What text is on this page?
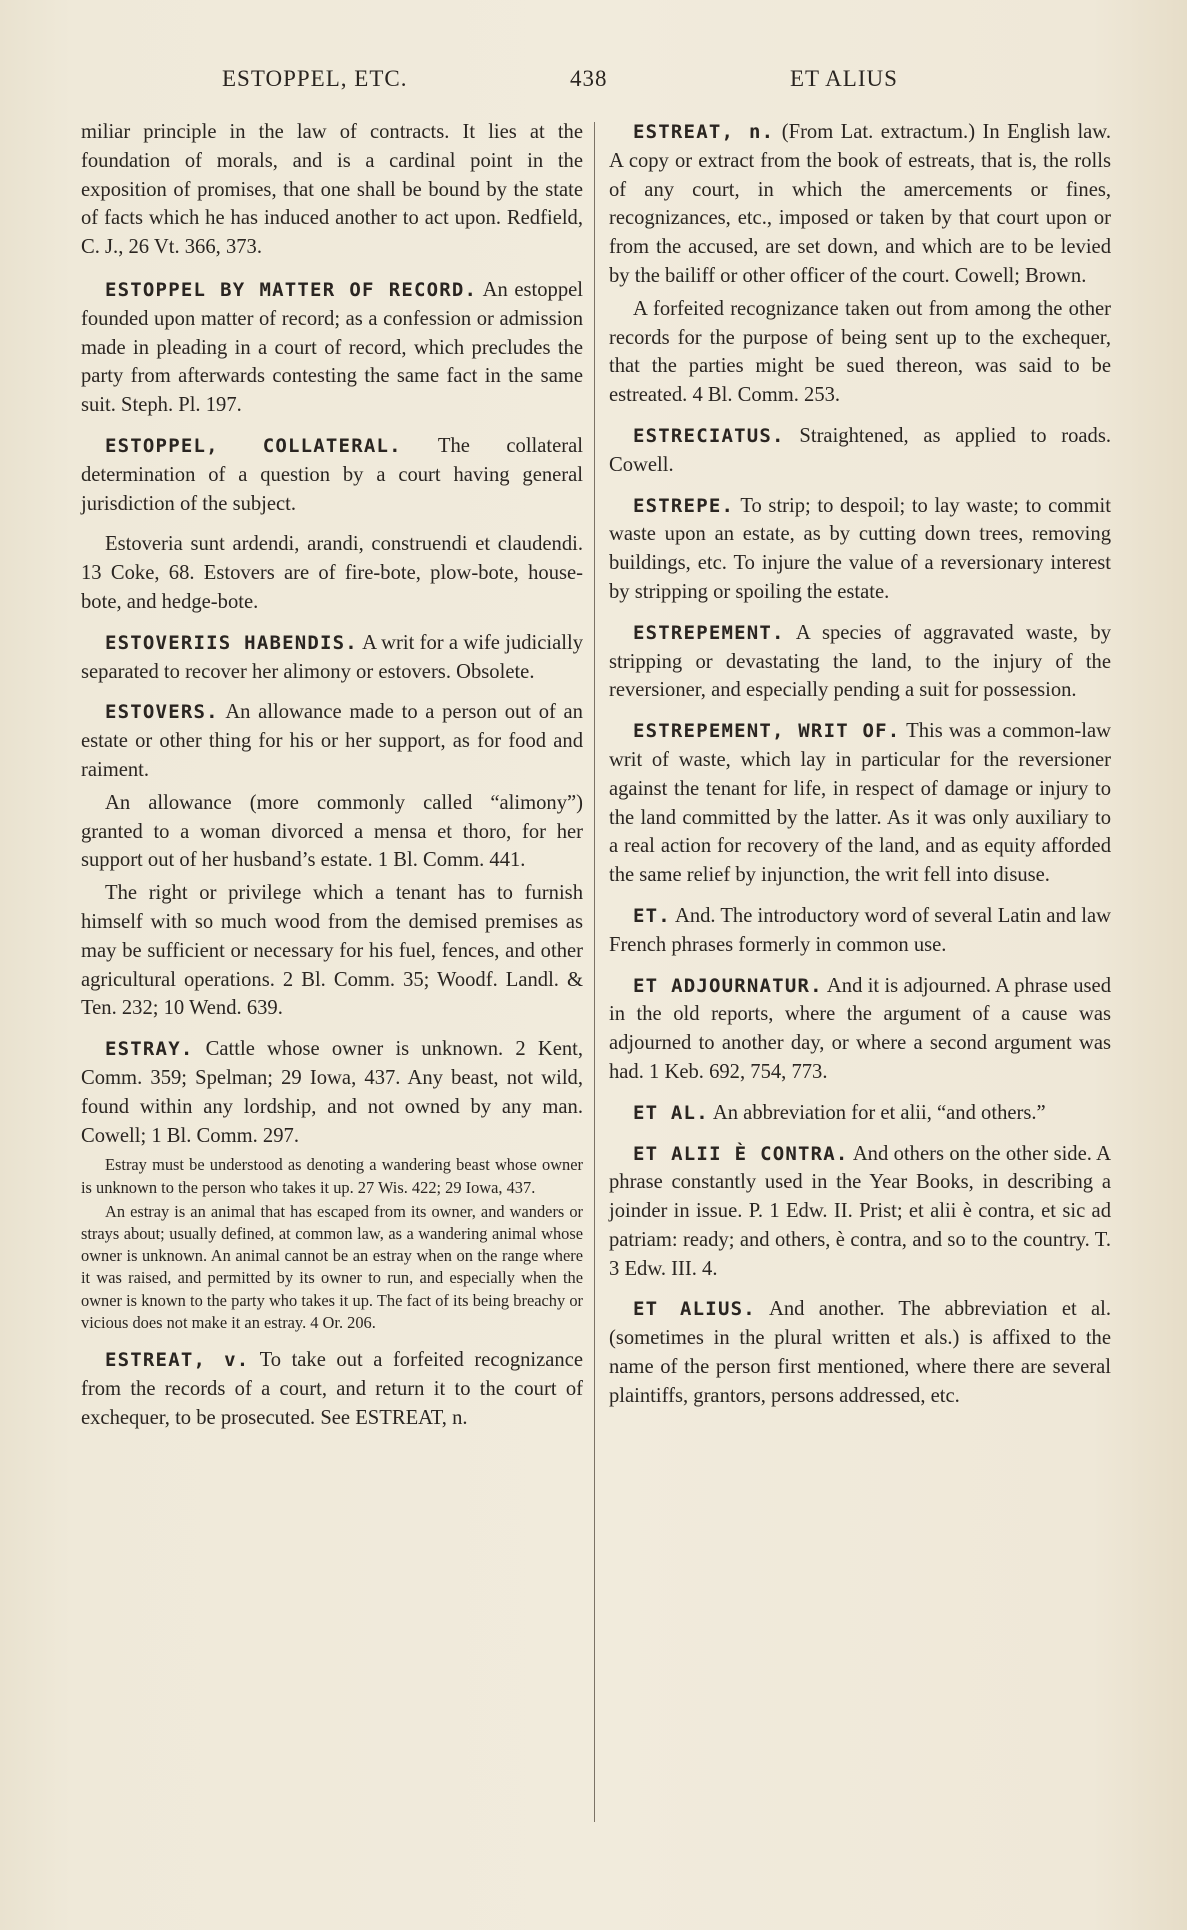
ESTOPPEL, ETC.	438	ET ALIUS

miliar principle in the law of contracts. It lies at the foundation of morals, and is a cardinal point in the exposition of promises, that one shall be bound by the state of facts which he has induced another to act upon. Redfield, C. J., 26 Vt. 366, 373.

ESTOPPEL BY MATTER OF RECORD. An estoppel founded upon matter of record; as a confession or admission made in pleading in a court of record, which precludes the party from afterwards contesting the same fact in the same suit. Steph. Pl. 197.

ESTOPPEL, COLLATERAL. The collateral determination of a question by a court having general jurisdiction of the subject.

Estoveria sunt ardendi, arandi, construendi et claudendi. 13 Coke, 68. Estovers are of fire-bote, plow-bote, house-bote, and hedge-bote.

ESTOVERIIS HABENDIS. A writ for a wife judicially separated to recover her alimony or estovers. Obsolete.

ESTOVERS. An allowance made to a person out of an estate or other thing for his or her support, as for food and raiment.

An allowance (more commonly called “alimony”) granted to a woman divorced a mensa et thoro, for her support out of her husband’s estate. 1 Bl. Comm. 441.

The right or privilege which a tenant has to furnish himself with so much wood from the demised premises as may be sufficient or necessary for his fuel, fences, and other agricultural operations. 2 Bl. Comm. 35; Woodf. Landl. & Ten. 232; 10 Wend. 639.

ESTRAY. Cattle whose owner is unknown. 2 Kent, Comm. 359; Spelman; 29 Iowa, 437. Any beast, not wild, found within any lordship, and not owned by any man. Cowell; 1 Bl. Comm. 297.

Estray must be understood as denoting a wandering beast whose owner is unknown to the person who takes it up. 27 Wis. 422; 29 Iowa, 437.

An estray is an animal that has escaped from its owner, and wanders or strays about; usually defined, at common law, as a wandering animal whose owner is unknown. An animal cannot be an estray when on the range where it was raised, and permitted by its owner to run, and especially when the owner is known to the party who takes it up. The fact of its being breachy or vicious does not make it an estray. 4 Or. 206.

ESTREAT, v. To take out a forfeited recognizance from the records of a court, and return it to the court of exchequer, to be prosecuted. See ESTREAT, n.

ESTREAT, n. (From Lat. extractum.) In English law. A copy or extract from the book of estreats, that is, the rolls of any court, in which the amercements or fines, recognizances, etc., imposed or taken by that court upon or from the accused, are set down, and which are to be levied by the bailiff or other officer of the court. Cowell; Brown.

A forfeited recognizance taken out from among the other records for the purpose of being sent up to the exchequer, that the parties might be sued thereon, was said to be estreated. 4 Bl. Comm. 253.

ESTRECIATUS. Straightened, as applied to roads. Cowell.

ESTREPE. To strip; to despoil; to lay waste; to commit waste upon an estate, as by cutting down trees, removing buildings, etc. To injure the value of a reversionary interest by stripping or spoiling the estate.

ESTREPEMENT. A species of aggravated waste, by stripping or devastating the land, to the injury of the reversioner, and especially pending a suit for possession.

ESTREPEMENT, WRIT OF. This was a common-law writ of waste, which lay in particular for the reversioner against the tenant for life, in respect of damage or injury to the land committed by the latter. As it was only auxiliary to a real action for recovery of the land, and as equity afforded the same relief by injunction, the writ fell into disuse.

ET. And. The introductory word of several Latin and law French phrases formerly in common use.

ET ADJOURNATUR. And it is adjourned. A phrase used in the old reports, where the argument of a cause was adjourned to another day, or where a second argument was had. 1 Keb. 692, 754, 773.

ET AL. An abbreviation for et alii, “and others.”

ET ALII È CONTRA. And others on the other side. A phrase constantly used in the Year Books, in describing a joinder in issue. P. 1 Edw. II. Prist; et alii è contra, et sic ad patriam: ready; and others, è contra, and so to the country. T. 3 Edw. III. 4.

ET ALIUS. And another. The abbreviation et al. (sometimes in the plural written et als.) is affixed to the name of the person first mentioned, where there are several plaintiffs, grantors, persons addressed, etc.
